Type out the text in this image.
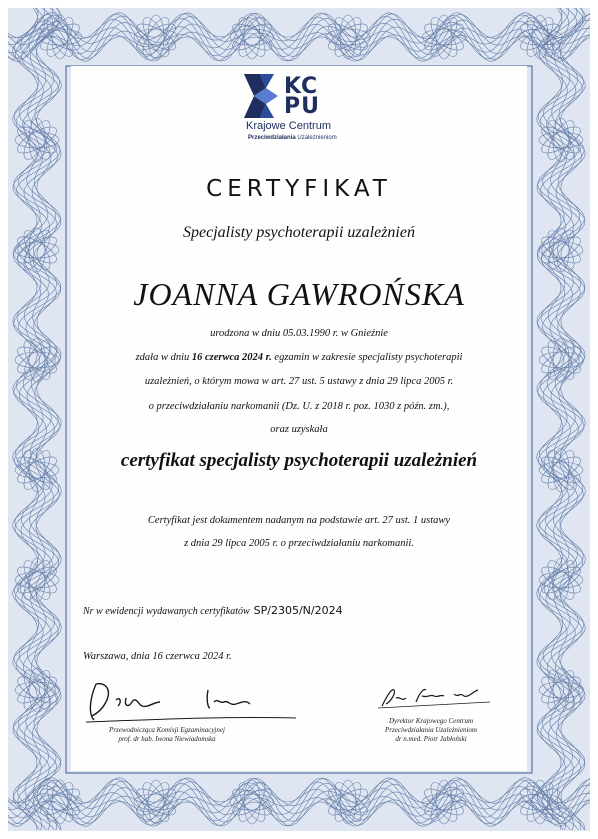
KC
PU
Krajowe Centrum
Przeciwdziałania Uzależnieniom
CERTYFIKAT
Specjalisty psychoterapii uzależnień
JOANNA GAWROŃSKA
urodzona w dniu 05.03.1990 r. w Gnieźnie
zdała w dniu 16 czerwca 2024 r. egzamin w zakresie specjalisty psychoterapii
uzależnień, o którym mowa w art. 27 ust. 5 ustawy z dnia 29 lipca 2005 r.
o przeciwdziałaniu narkomanii (Dz. U. z 2018 r. poz. 1030 z późn. zm.),
oraz uzyskała
certyfikat specjalisty psychoterapii uzależnień
Certyfikat jest dokumentem nadanym na podstawie art. 27 ust. 1 ustawy
z dnia 29 lipca 2005 r. o przeciwdziałaniu narkomanii.
Nr w ewidencji wydawanych certyfikatów SP/2305/N/2024
Warszawa, dnia 16 czerwca 2024 r.
Przewodnicząca Komisji Egzaminacyjnej
prof. dr hab. Iwona Niewiadomska
Dyrektor Krajowego Centrum
Przeciwdziałania Uzależnieniom
dr n.med. Piotr Jabłoński
